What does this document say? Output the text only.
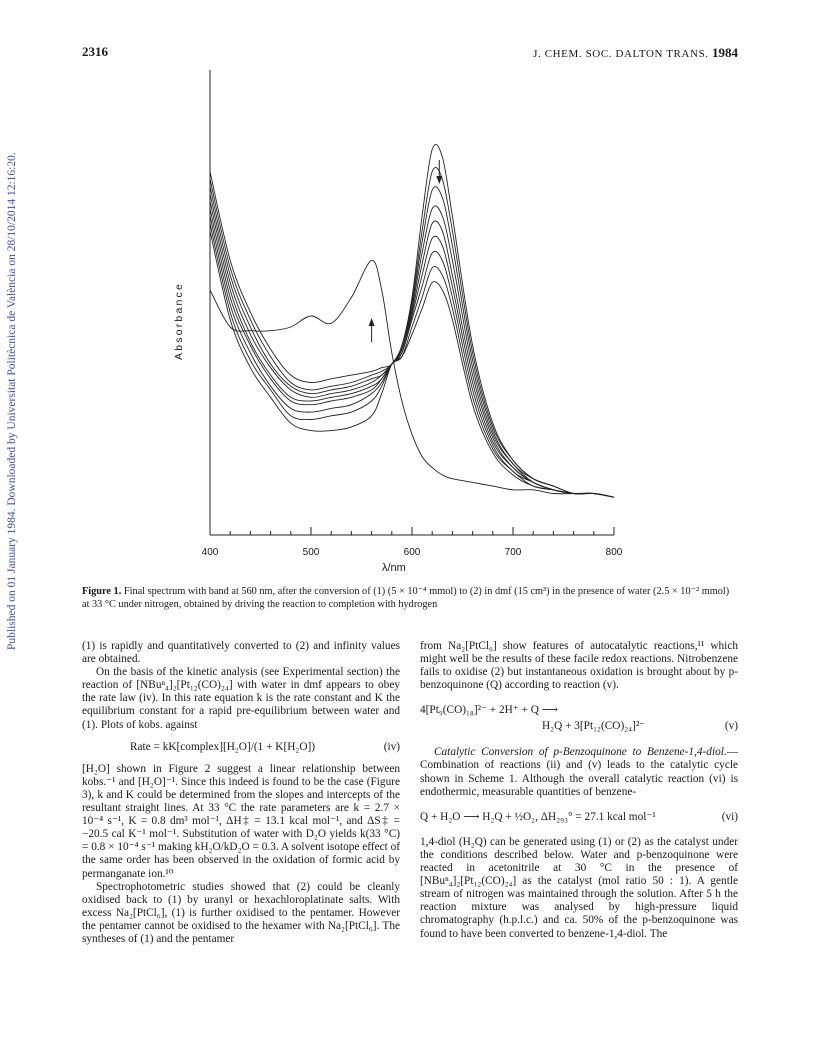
Published on 01 January 1984. Downloaded by Universitat Politècnica de València on 28/10/2014 12:16:20.
2316	J. CHEM. SOC. DALTON TRANS. 1984
Absorbance
400	500	600	700	800
λ/nm
Figure 1. Final spectrum with band at 560 nm, after the conversion of (1) (5 × 10⁻⁴ mmol) to (2) in dmf (15 cm³) in the presence of water (2.5 × 10⁻² mmol) at 33 °C under nitrogen, obtained by driving the reaction to completion with hydrogen

(1) is rapidly and quantitatively converted to (2) and infinity values are obtained.

On the basis of the kinetic analysis (see Experimental section) the reaction of [NBuⁿ₄]₂[Pt₁₂(CO)₂₄] with water in dmf appears to obey the rate law (iv). In this rate equation k is the rate constant and K the equilibrium constant for a rapid pre-equilibrium between water and (1). Plots of kobs. against

Rate = kK[complex][H₂O]/(1 + K[H₂O])	(iv)

[H₂O] shown in Figure 2 suggest a linear relationship between kobs.⁻¹ and [H₂O]⁻¹. Since this indeed is found to be the case (Figure 3), k and K could be determined from the slopes and intercepts of the resultant straight lines. At 33 °C the rate parameters are k = 2.7 × 10⁻⁴ s⁻¹, K = 0.8 dm³ mol⁻¹, ΔH‡ = 13.1 kcal mol⁻¹, and ΔS‡ = −20.5 cal K⁻¹ mol⁻¹. Substitution of water with D₂O yields k(33 °C) = 0.8 × 10⁻⁴ s⁻¹ making kH₂O/kD₂O = 0.3. A solvent isotope effect of the same order has been observed in the oxidation of formic acid by permanganate ion.¹⁰

Spectrophotometric studies showed that (2) could be cleanly oxidised back to (1) by uranyl or hexachloroplatinate salts. With excess Na₂[PtCl₆], (1) is further oxidised to the pentamer. However the pentamer cannot be oxidised to the hexamer with Na₂[PtCl₆]. The syntheses of (1) and the pentamer

from Na₂[PtCl₆] show features of autocatalytic reactions,¹¹ which might well be the results of these facile redox reactions. Nitrobenzene fails to oxidise (2) but instantaneous oxidation is brought about by p-benzoquinone (Q) according to reaction (v).

4[Pt₉(CO)₁₈]²⁻ + 2H⁺ + Q ⟶
H₂Q + 3[Pt₁₂(CO)₂₄]²⁻	(v)

Catalytic Conversion of p-Benzoquinone to Benzene-1,4-diol.—Combination of reactions (ii) and (v) leads to the catalytic cycle shown in Scheme 1. Although the overall catalytic reaction (vi) is endothermic, measurable quantities of benzene-

Q + H₂O ⟶ H₂Q + ½O₂, ΔH₂₉₃° = 27.1 kcal mol⁻¹	(vi)

1,4-diol (H₂Q) can be generated using (1) or (2) as the catalyst under the conditions described below. Water and p-benzoquinone were reacted in acetonitrile at 30 °C in the presence of [NBuⁿ₄]₂[Pt₁₂(CO)₂₄] as the catalyst (mol ratio 50 : 1). A gentle stream of nitrogen was maintained through the solution. After 5 h the reaction mixture was analysed by high-pressure liquid chromatography (h.p.l.c.) and ca. 50% of the p-benzoquinone was found to have been converted to benzene-1,4-diol. The
